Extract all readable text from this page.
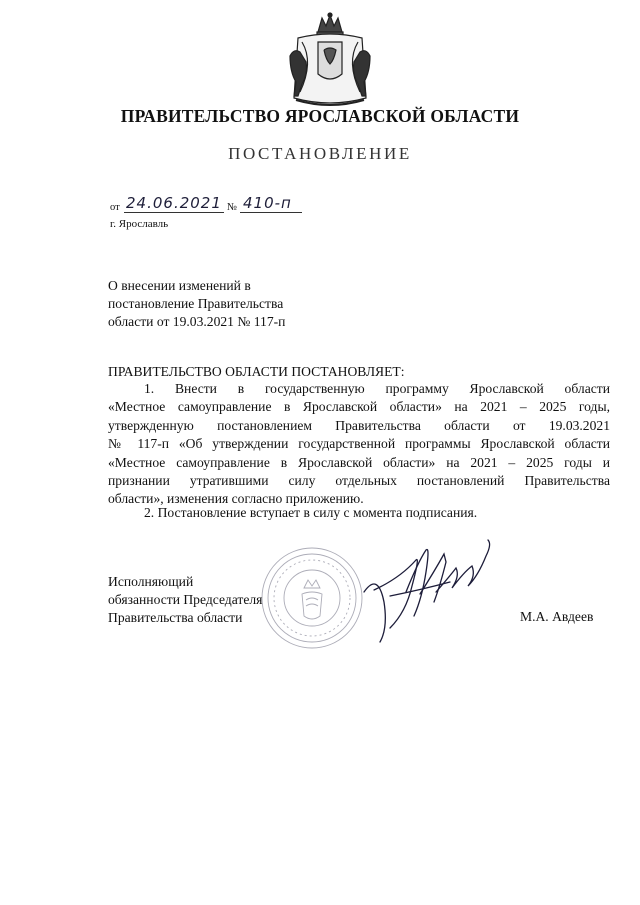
ПРАВИТЕЛЬСТВО ЯРОСЛАВСКОЙ ОБЛАСТИ
ПОСТАНОВЛЕНИЕ
от 24.06.2021 № 410-п
г. Ярославль
О внесении изменений в
постановление Правительства
области от 19.03.2021 № 117-п
ПРАВИТЕЛЬСТВО ОБЛАСТИ ПОСТАНОВЛЯЕТ:
1. Внести в государственную программу Ярославской области
«Местное самоуправление в Ярославской области» на 2021 – 2025 годы,
утвержденную постановлением Правительства области от 19.03.2021
№ 117-п «Об утверждении государственной программы Ярославской области
«Местное самоуправление в Ярославской области» на 2021 – 2025 годы и
признании утратившими силу отдельных постановлений Правительства
области», изменения согласно приложению.
2. Постановление вступает в силу с момента подписания.
Исполняющий
обязанности Председателя
Правительства области	М.А. Авдеев
